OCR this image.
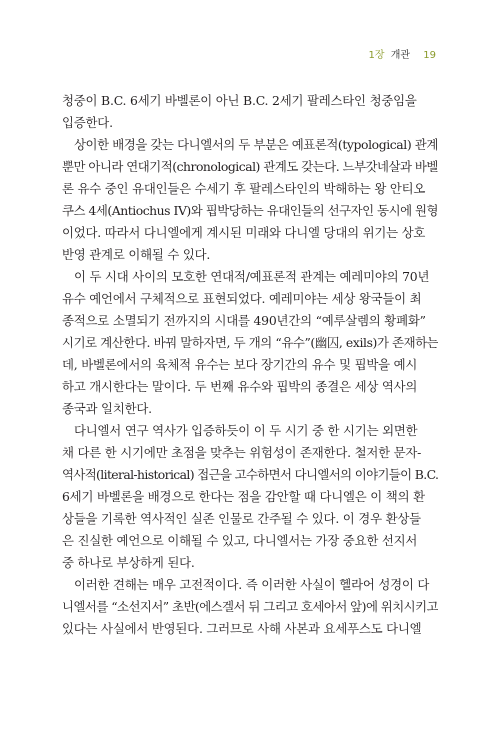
1장 개관 19
청중이 B.C. 6세기 바벨론이 아닌 B.C. 2세기 팔레스타인 청중임을
입증한다.
상이한 배경을 갖는 다니엘서의 두 부분은 예표론적(typological) 관계
뿐만 아니라 연대기적(chronological) 관계도 갖는다. 느부갓네살과 바벨
론 유수 중인 유대인들은 수세기 후 팔레스타인의 박해하는 왕 안티오
쿠스 4세(Antiochus IV)와 핍박당하는 유대인들의 선구자인 동시에 원형
이었다. 따라서 다니엘에게 계시된 미래와 다니엘 당대의 위기는 상호
반영 관계로 이해될 수 있다.
이 두 시대 사이의 모호한 연대적/예표론적 관계는 예레미야의 70년
유수 예언에서 구체적으로 표현되었다. 예레미야는 세상 왕국들이 최
종적으로 소멸되기 전까지의 시대를 490년간의 “예루살렘의 황폐화”
시기로 계산한다. 바꿔 말하자면, 두 개의 “유수”(幽囚, exils)가 존재하는
데, 바벨론에서의 육체적 유수는 보다 장기간의 유수 및 핍박을 예시
하고 개시한다는 말이다. 두 번째 유수와 핍박의 종결은 세상 역사의
종국과 일치한다.
다니엘서 연구 역사가 입증하듯이 이 두 시기 중 한 시기는 외면한
채 다른 한 시기에만 초점을 맞추는 위험성이 존재한다. 철저한 문자-
역사적(literal-historical) 접근을 고수하면서 다니엘서의 이야기들이 B.C.
6세기 바벨론을 배경으로 한다는 점을 감안할 때 다니엘은 이 책의 환
상들을 기록한 역사적인 실존 인물로 간주될 수 있다. 이 경우 환상들
은 진실한 예언으로 이해될 수 있고, 다니엘서는 가장 중요한 선지서
중 하나로 부상하게 된다.
이러한 견해는 매우 고전적이다. 즉 이러한 사실이 헬라어 성경이 다
니엘서를 “소선지서” 초반(에스겔서 뒤 그리고 호세아서 앞)에 위치시키고
있다는 사실에서 반영된다. 그러므로 사해 사본과 요세푸스도 다니엘
